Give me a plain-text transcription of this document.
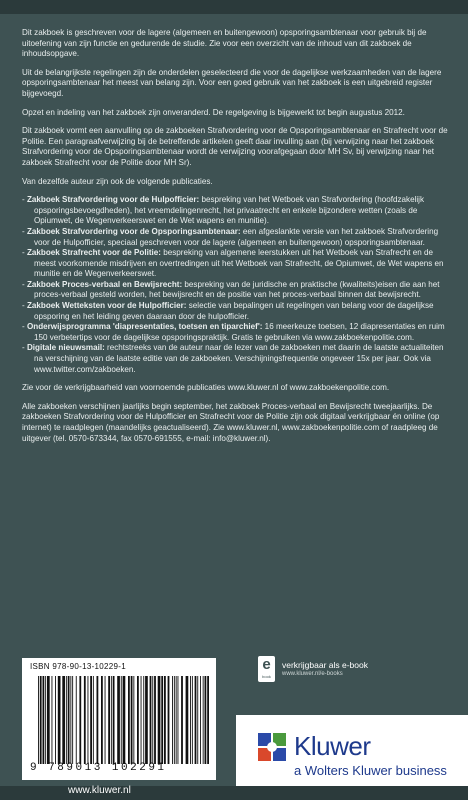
Dit zakboek is geschreven voor de lagere (algemeen en buitengewoon) opsporingsambtenaar voor gebruik bij de uitoefening van zijn functie en gedurende de studie. Zie voor een overzicht van de inhoud van dit zakboek de inhoudsopgave.

Uit de belangrijkste regelingen zijn de onderdelen geselecteerd die voor de dagelijkse werkzaamheden van de lagere opsporingsambtenaar het meest van belang zijn. Voor een goed gebruik van het zakboek is een uitgebreid register bijgevoegd.

Opzet en indeling van het zakboek zijn onveranderd. De regelgeving is bijgewerkt tot begin augustus 2012.

Dit zakboek vormt een aanvulling op de zakboeken Strafvordering voor de Opsporingsambtenaar en Strafrecht voor de Politie. Een paragraafverwijzing bij de betreffende artikelen geeft daar invulling aan (bij verwijzing naar het zakboek Strafvordering voor de Opsporingsambtenaar wordt de verwijzing voorafgegaan door MH Sv, bij verwijzing naar het zakboek Strafrecht voor de Politie door MH Sr).

Van dezelfde auteur zijn ook de volgende publicaties.

- Zakboek Strafvordering voor de Hulpofficier: bespreking van het Wetboek van Strafvordering (hoofdzakelijk opsporingsbevoegdheden), het vreemdelingenrecht, het privaatrecht en enkele bijzondere wetten (zoals de Opiumwet, de Wegenverkeerswet en de Wet wapens en munitie).
- Zakboek Strafvordering voor de Opsporingsambtenaar: een afgeslankte versie van het zakboek Strafvordering voor de Hulpofficier, speciaal geschreven voor de lagere (algemeen en buitengewoon) opsporingsambtenaar.
- Zakboek Strafrecht voor de Politie: bespreking van algemene leerstukken uit het Wetboek van Strafrecht en de meest voorkomende misdrijven en overtredingen uit het Wetboek van Strafrecht, de Opiumwet, de Wet wapens en munitie en de Wegenverkeerswet.
- Zakboek Proces-verbaal en Bewijsrecht: bespreking van de juridische en praktische (kwaliteits)eisen die aan het proces-verbaal gesteld worden, het bewijsrecht en de positie van het proces-verbaal binnen dat bewijsrecht.
- Zakboek Wetteksten voor de Hulpofficier: selectie van bepalingen uit regelingen van belang voor de dagelijkse opsporing en het leiding geven daaraan door de hulpofficier.
- Onderwijsprogramma 'diapresentaties, toetsen en tiparchief': 16 meerkeuze toetsen, 12 diapresentaties en ruim 150 verbetertips voor de dagelijkse opsporingspraktijk. Gratis te gebruiken via www.zakboekenpolitie.com.
- Digitale nieuwsmail: rechtstreeks van de auteur naar de lezer van de zakboeken met daarin de laatste actualiteiten na verschijning van de laatste editie van de zakboeken. Verschijningsfrequentie ongeveer 15x per jaar. Ook via www.twitter.com/zakboeken.

Zie voor de verkrijgbaarheid van voornoemde publicaties www.kluwer.nl of www.zakboekenpolitie.com.

Alle zakboeken verschijnen jaarlijks begin september, het zakboek Proces-verbaal en Bewijsrecht tweejaarlijks. De zakboeken Strafvordering voor de Hulpofficier en Strafrecht voor de Politie zijn ook digitaal verkrijgbaar én online (op internet) te raadplegen (maandelijks geactualiseerd). Zie www.kluwer.nl, www.zakboekenpolitie.com of raadpleeg de uitgever (tel. 0570-673344, fax 0570-691555, e-mail: info@kluwer.nl).

ISBN 978-90-13-10229-1
9 789013 102291
e
book
verkrijgbaar als e-book
www.kluwer.nl/e-books
Kluwer
a Wolters Kluwer business
www.kluwer.nl
